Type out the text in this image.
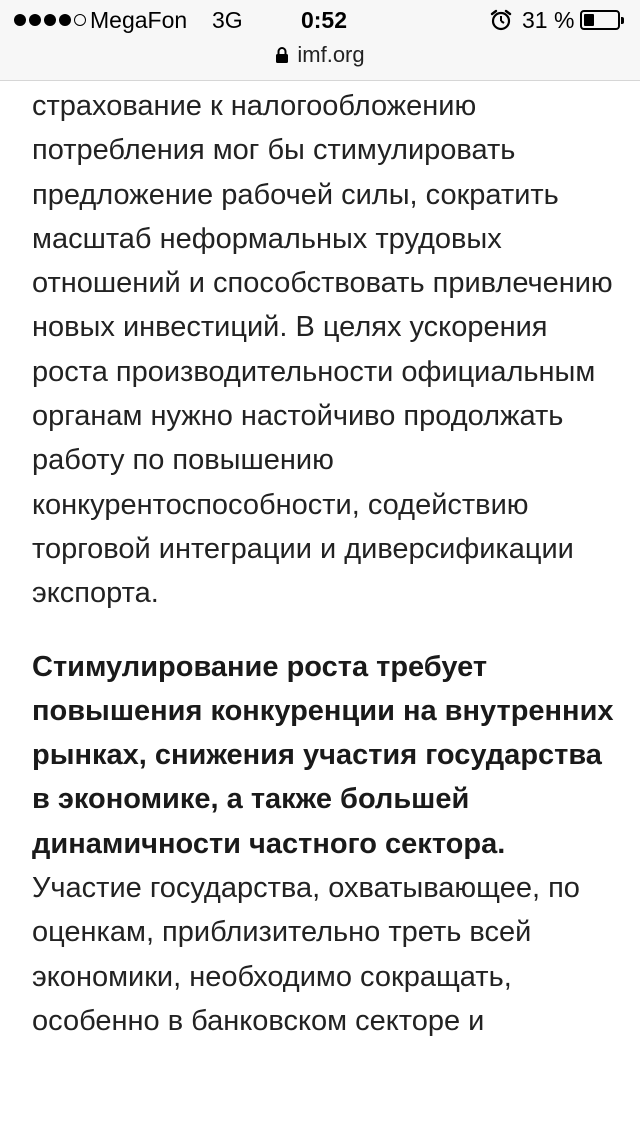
MegaFon 3G	0:52	31 %
imf.org

страхование к налогообложению потребления мог бы стимулировать предложение рабочей силы, сократить масштаб неформальных трудовых отношений и способствовать привлечению новых инвестиций. В целях ускорения роста производительности официальным органам нужно настойчиво продолжать работу по повышению конкурентоспособности, содействию торговой интеграции и диверсификации экспорта.

Стимулирование роста требует повышения конкуренции на внутренних рынках, снижения участия государства в экономике, а также большей динамичности частного сектора. Участие государства, охватывающее, по оценкам, приблизительно треть всей экономики, необходимо сокращать, особенно в банковском секторе и
